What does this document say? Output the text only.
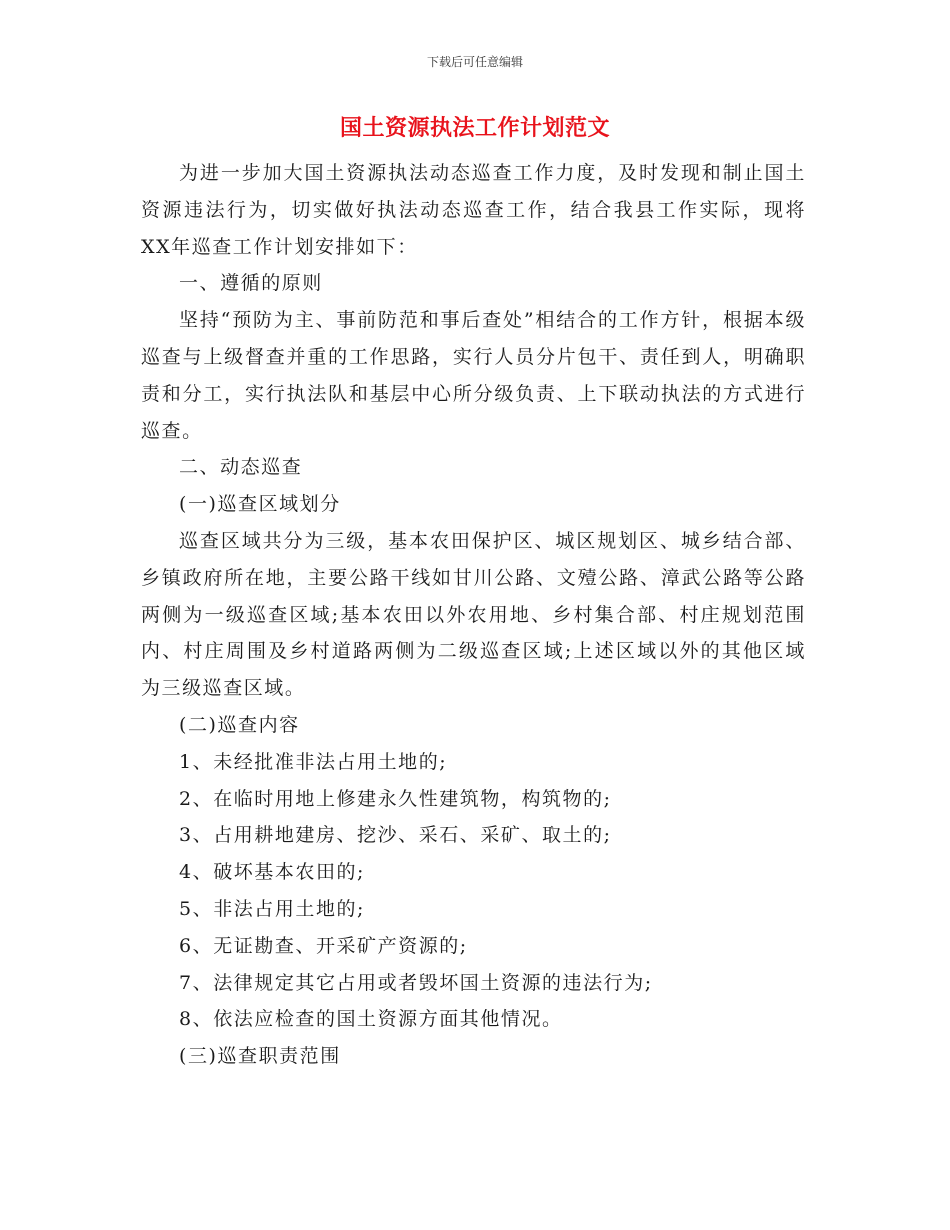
下载后可任意编辑
国土资源执法工作计划范文

为进一步加大国土资源执法动态巡查工作力度，及时发现和制止国土资源违法行为，切实做好执法动态巡查工作，结合我县工作实际，现将XX年巡查工作计划安排如下：

一、遵循的原则

坚持“预防为主、事前防范和事后查处”相结合的工作方针，根据本级巡查与上级督查并重的工作思路，实行人员分片包干、责任到人，明确职责和分工，实行执法队和基层中心所分级负责、上下联动执法的方式进行巡查。

二、动态巡查

(一)巡查区域划分

巡查区域共分为三级，基本农田保护区、城区规划区、城乡结合部、乡镇政府所在地，主要公路干线如甘川公路、文殪公路、漳武公路等公路两侧为一级巡查区域;基本农田以外农用地、乡村集合部、村庄规划范围内、村庄周围及乡村道路两侧为二级巡查区域;上述区域以外的其他区域为三级巡查区域。

(二)巡查内容

1、未经批准非法占用土地的;

2、在临时用地上修建永久性建筑物，构筑物的;

3、占用耕地建房、挖沙、采石、采矿、取土的;

4、破坏基本农田的;

5、非法占用土地的;

6、无证勘查、开采矿产资源的;

7、法律规定其它占用或者毁坏国土资源的违法行为;

8、依法应检查的国土资源方面其他情况。

(三)巡查职责范围
